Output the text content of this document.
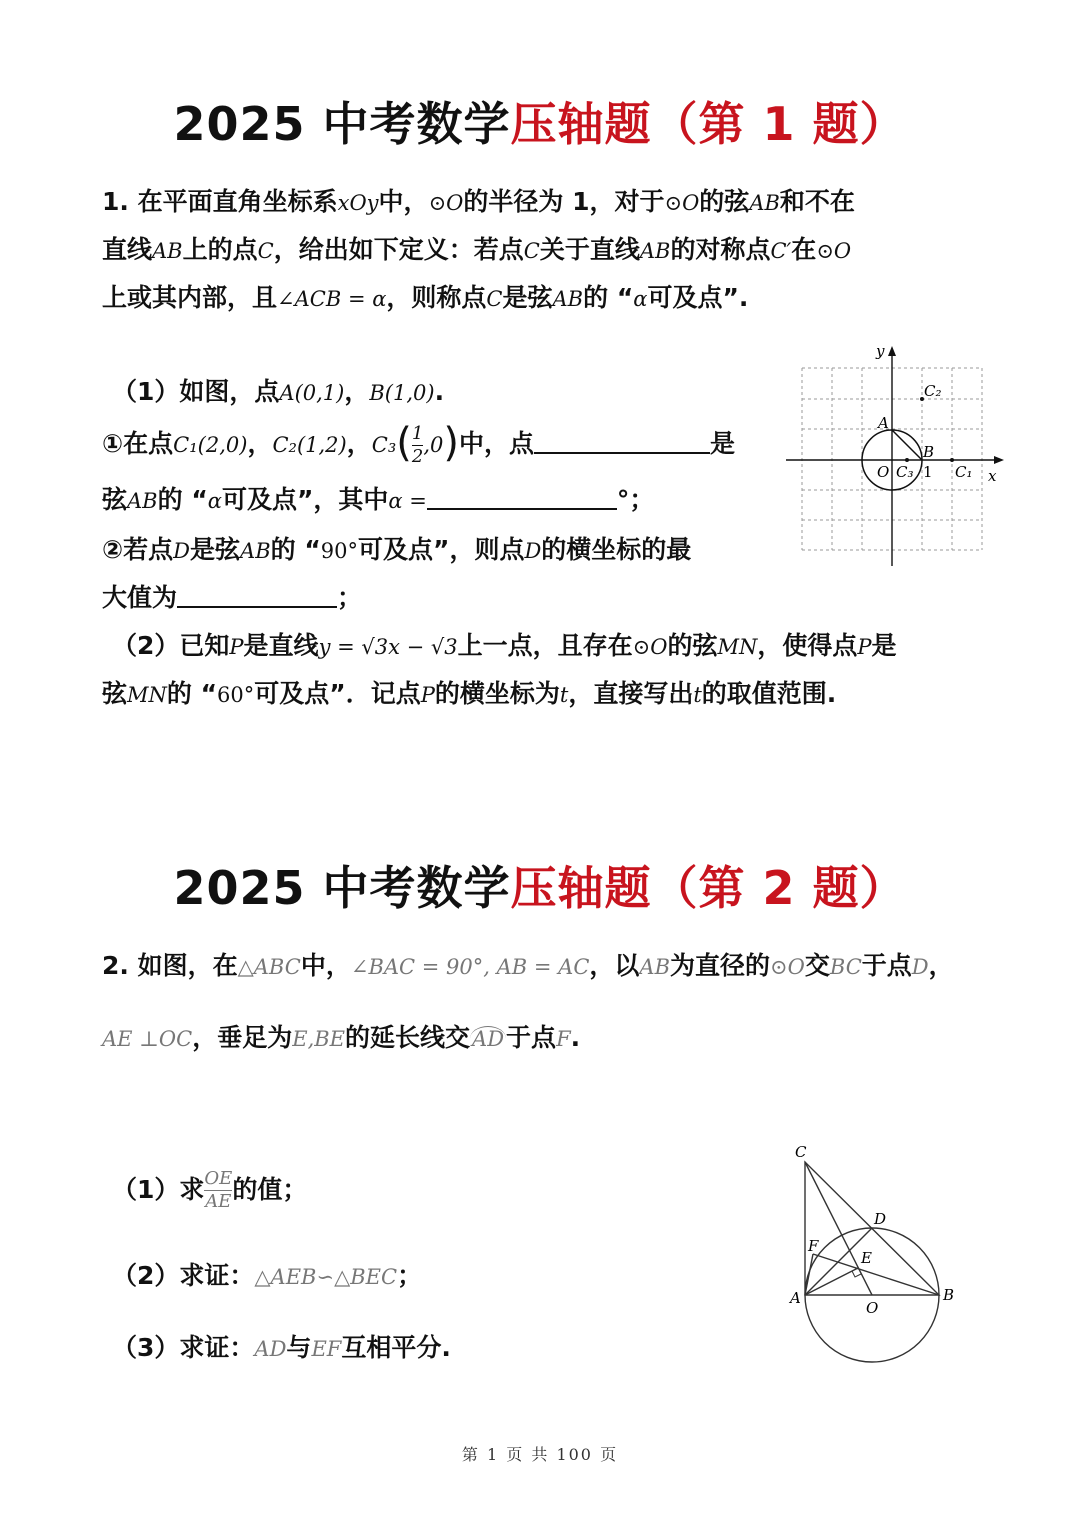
2025 中考数学压轴题（第 1 题）
1. 在平面直角坐标系xOy中，⊙O的半径为 1，对于⊙O的弦AB和不在
直线AB上的点C，给出如下定义：若点C关于直线AB的对称点C′在⊙O
上或其内部，且∠ACB = α，则称点C是弦AB的 “α可及点”.
（1）如图，点A(0,1)，B(1,0).
①在点C₁(2,0)，C₂(1,2)，$C_3( \frac{1}{2} ,0)$中，点	是
弦AB的 “α可及点”，其中α =	°；
②若点D是弦AB的 “90°可及点”，则点D的横坐标的最
大值为	；
（2）已知P是直线y = √3x − √3上一点，且存在⊙O的弦MN，使得点P是
弦MN的 “60°可及点”．记点P的横坐标为t，直接写出t的取值范围.
y
x
A
B
O C₃ 1 C₁
C₂
2025 中考数学压轴题（第 2 题）
2. 如图，在△ABC中，∠BAC = 90°, AB = AC，以AB为直径的⊙O交BC于点D，
AE ⊥OC，垂足为E,BE的延长线交AD于点F.
（1）求 $\frac{OE}{AE}$ 的值；
（2）求证：△AEB∽△BEC；
（3）求证：AD与EF互相平分.
C
D
F
E
A
O
B
第 1 页 共 100 页
